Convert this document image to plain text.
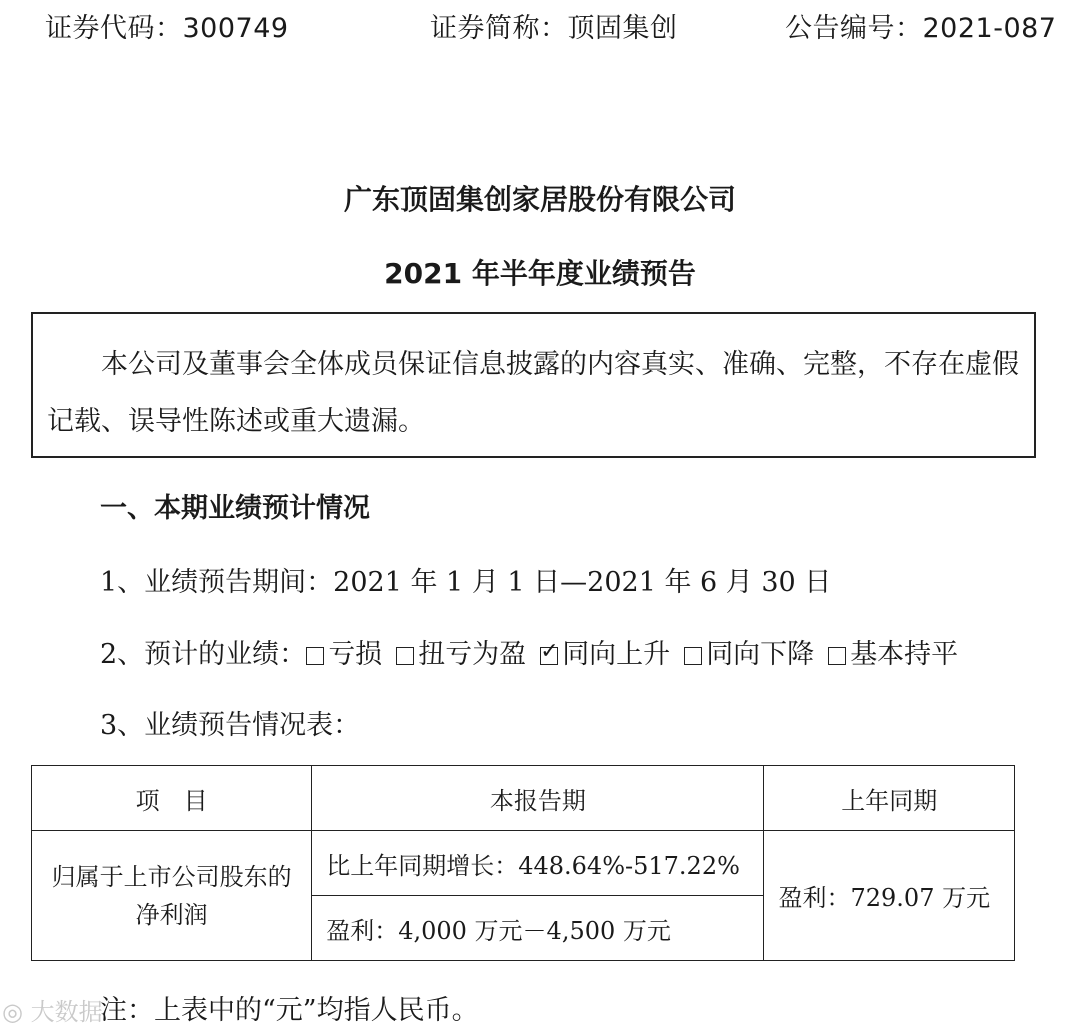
证券代码：300749	证券简称：顶固集创	公告编号：2021-087
广东顶固集创家居股份有限公司
2021 年半年度业绩预告
本公司及董事会全体成员保证信息披露的内容真实、准确、完整，不存在虚假记载、误导性陈述或重大遗漏。
一、本期业绩预计情况
1、业绩预告期间：2021 年 1 月 1 日—2021 年 6 月 30 日
2、预计的业绩： 亏损 扭亏为盈 ✓ 同向上升 同向下降 基本持平
3、业绩预告情况表：
项　目	本报告期	上年同期
归属于上市公司股东的
净利润	比上年同期增长：448.64%-517.22%	盈利：729.07 万元
	盈利：4,000 万元－4,500 万元	
注：上表中的“元”均指人民币。
◎ 大数据
